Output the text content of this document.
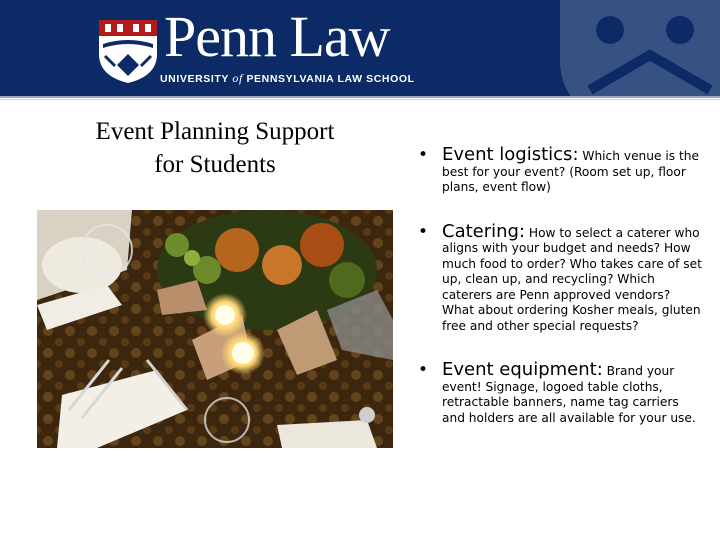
Penn Law
UNIVERSITY of PENNSYLVANIA LAW SCHOOL
Event Planning Support
for Students	• Event logistics: Which venue is the best for your event? (Room set up, floor plans, event flow)
• Catering: How to select a caterer who aligns with your budget and needs? How much food to order? Who takes care of set up, clean up, and recycling? Which caterers are Penn approved vendors? What about ordering Kosher meals, gluten free and other special requests?
• Event equipment: Brand your event! Signage, logoed table cloths, retractable banners, name tag carriers and holders are all available for your use.
